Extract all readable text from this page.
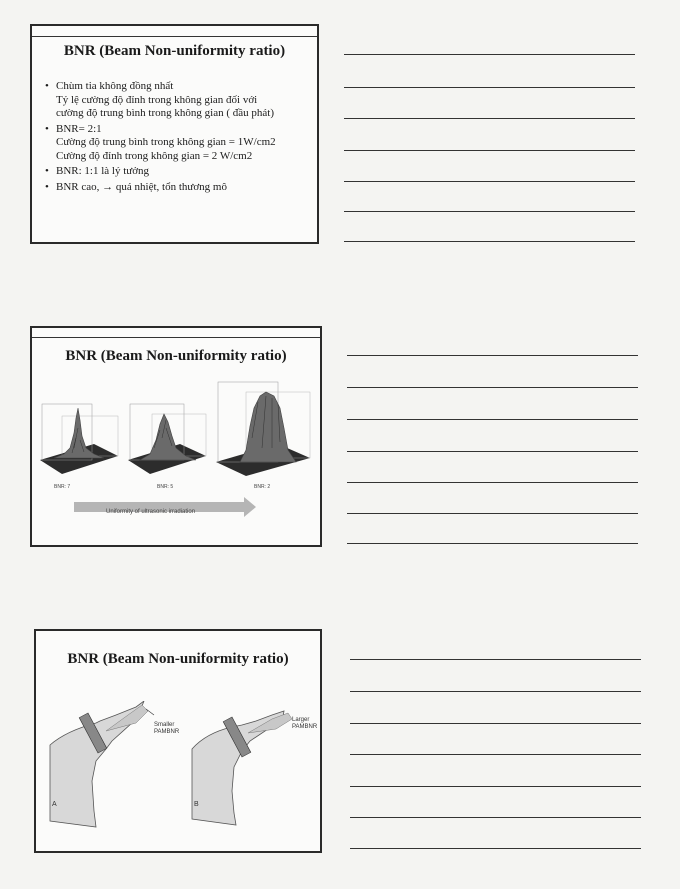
BNR (Beam Non-uniformity ratio)
• Chùm tia không đồng nhất
Tỷ lệ cường độ đỉnh trong không gian đối với
cường độ trung bình trong không gian ( đầu phát)
• BNR= 2:1
Cường độ trung bình trong không gian = 1W/cm2
Cường độ đỉnh trong không gian = 2 W/cm2
• BNR: 1:1 là lý tưởng
• BNR cao, → quá nhiệt, tổn thương mô
BNR (Beam Non-uniformity ratio)
BNR: 7	BNR: 5	BNR: 2
Uniformity of ultrasonic irradiation
BNR (Beam Non-uniformity ratio)
A	B
Smaller
PAMBNR
Larger
PAMBNR
